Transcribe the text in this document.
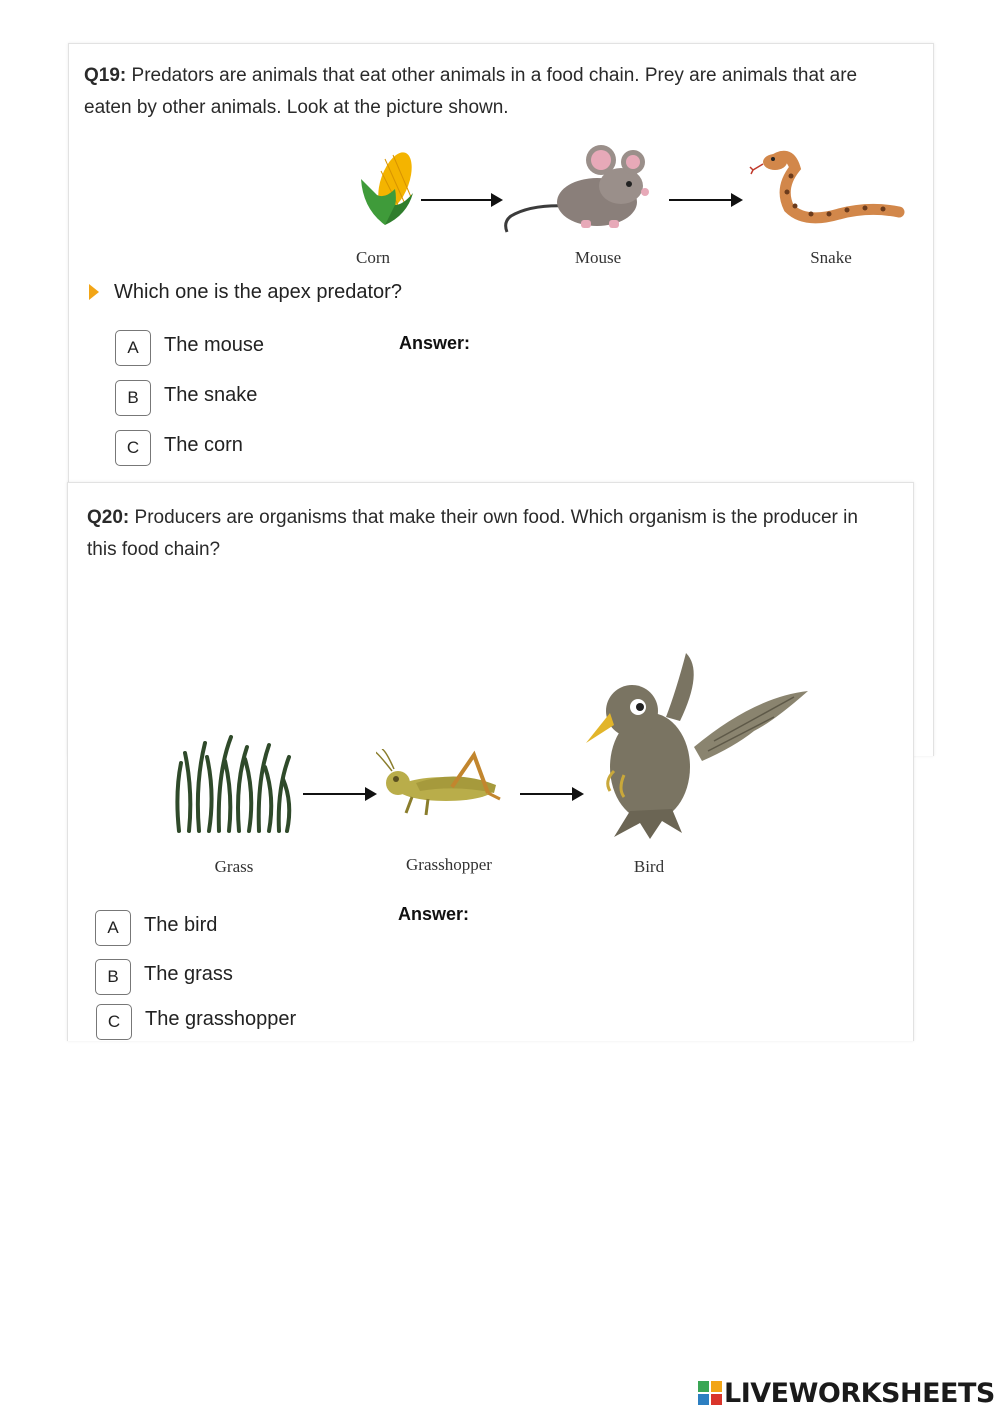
Q19: Predators are animals that eat other animals in a food chain. Prey are animals that are eaten by other animals. Look at the picture shown.
Corn	Mouse	Snake
Which one is the apex predator?
A	The mouse
B	The snake
C	The corn
Answer:
Q20: Producers are organisms that make their own food. Which organism is the producer in this food chain?
Grass	Grasshopper	Bird
A	The bird
B	The grass
C	The grasshopper
Answer:
LIVEWORKSHEETS
